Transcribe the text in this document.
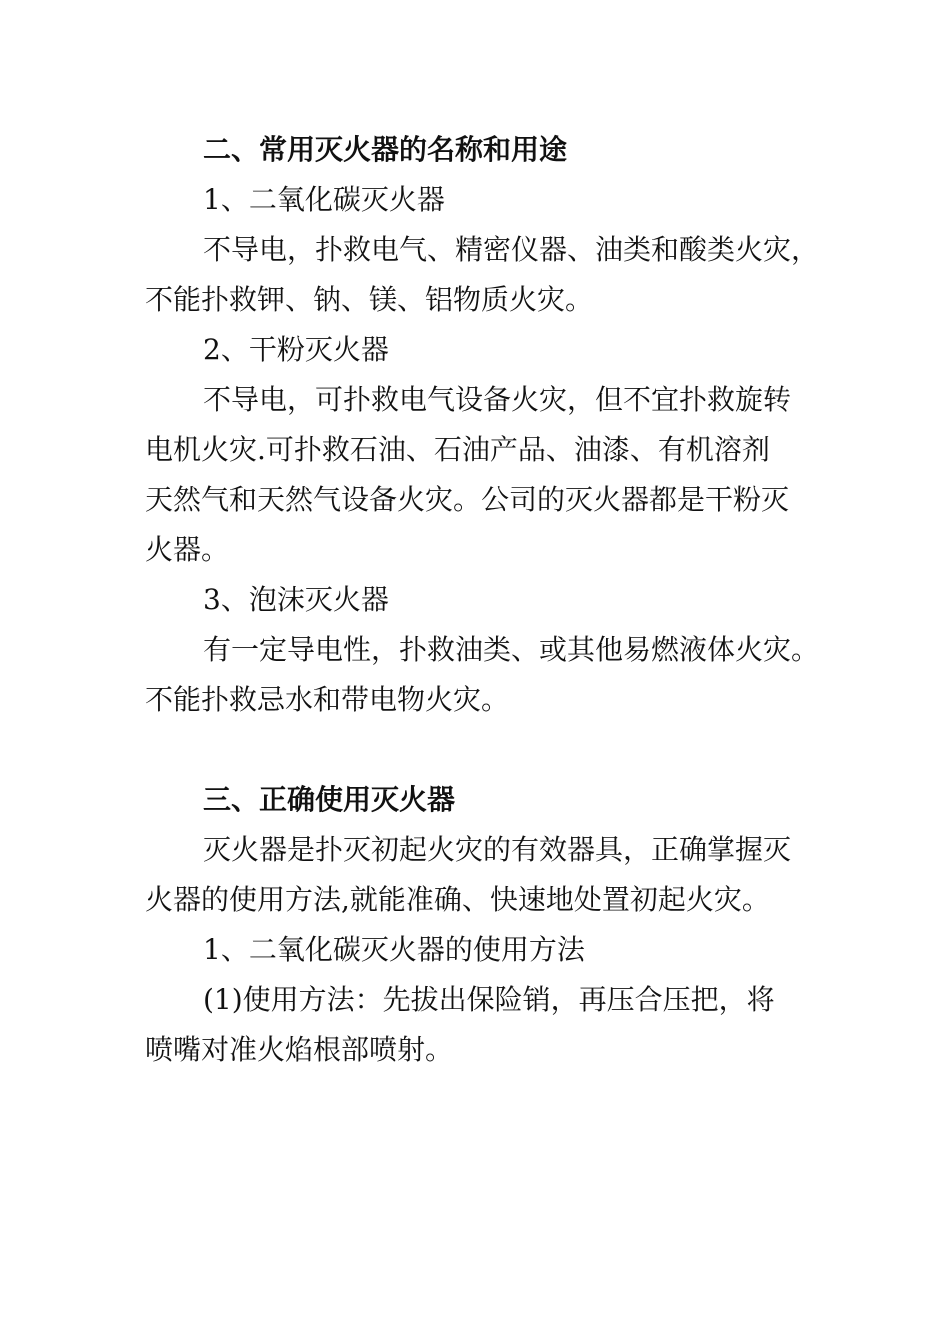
二、常用灭火器的名称和用途

1、二氧化碳灭火器

不导电，扑救电气、精密仪器、油类和酸类火灾，

不能扑救钾、钠、镁、铝物质火灾。

2、干粉灭火器

不导电，可扑救电气设备火灾，但不宜扑救旋转

电机火灾.可扑救石油、石油产品、油漆、有机溶剂

天然气和天然气设备火灾。公司的灭火器都是干粉灭

火器。

3、泡沫灭火器

有一定导电性，扑救油类、或其他易燃液体火灾。

不能扑救忌水和带电物火灾。

三、正确使用灭火器

灭火器是扑灭初起火灾的有效器具，正确掌握灭

火器的使用方法,就能准确、快速地处置初起火灾。

1、二氧化碳灭火器的使用方法

(1)使用方法：先拔出保险销，再压合压把，将

喷嘴对准火焰根部喷射。
